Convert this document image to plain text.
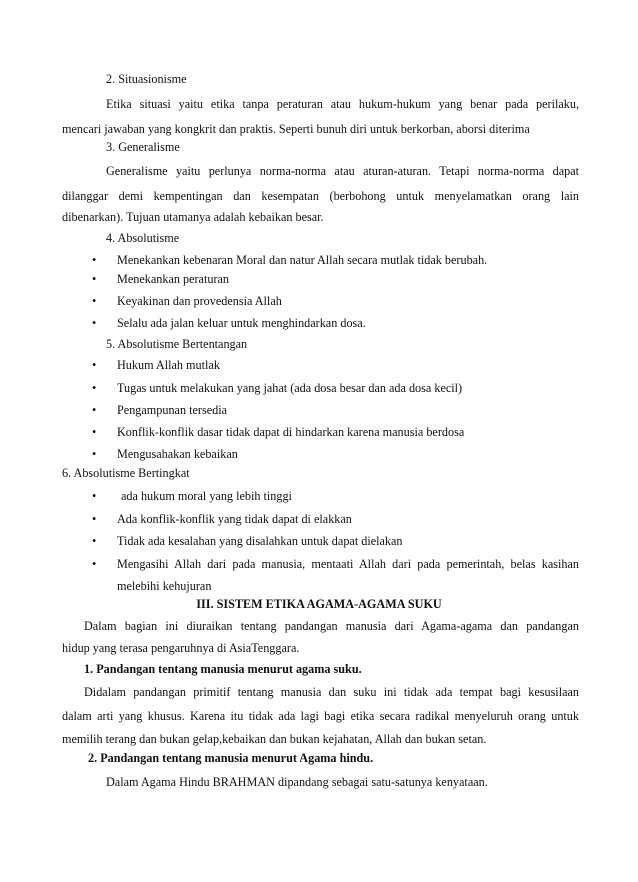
2. Situasionisme
Etika situasi yaitu etika tanpa peraturan atau hukum-hukum yang benar pada perilaku,
mencari jawaban yang kongkrit dan praktis. Seperti bunuh diri untuk berkorban, aborsi diterima
3. Generalisme
Generalisme yaitu perlunya norma-norma atau aturan-aturan. Tetapi norma-norma dapat
dilanggar demi kempentingan dan kesempatan (berbohong untuk menyelamatkan orang lain
dibenarkan). Tujuan utamanya adalah kebaikan besar.
4. Absolutisme
• Menekankan kebenaran Moral dan natur Allah secara mutlak tidak berubah.
• Menekankan peraturan
• Keyakinan dan provedensia Allah
• Selalu ada jalan keluar untuk menghindarkan dosa.
5. Absolutisme Bertentangan
• Hukum Allah mutlak
• Tugas untuk melakukan yang jahat (ada dosa besar dan ada dosa kecil)
• Pengampunan tersedia
• Konflik-konflik dasar tidak dapat di hindarkan karena manusia berdosa
• Mengusahakan kebaikan
6. Absolutisme Bertingkat
• ada hukum moral yang lebih tinggi
• Ada konflik-konflik yang tidak dapat di elakkan
• Tidak ada kesalahan yang disalahkan untuk dapat dielakan
• Mengasihi Allah dari pada manusia, mentaati Allah dari pada pemerintah, belas kasihan
melebihi kehujuran
III. SISTEM ETIKA AGAMA-AGAMA SUKU
Dalam bagian ini diuraikan tentang pandangan manusia dari Agama-agama dan pandangan
hidup yang terasa pengaruhnya di AsiaTenggara.
1. Pandangan tentang manusia menurut agama suku.
Didalam pandangan primitif tentang manusia dan suku ini tidak ada tempat bagi kesusilaan
dalam arti yang khusus. Karena itu tidak ada lagi bagi etika secara radikal menyeluruh orang untuk
memilih terang dan bukan gelap,kebaikan dan bukan kejahatan, Allah dan bukan setan.
2. Pandangan tentang manusia menurut Agama hindu.
Dalam Agama Hindu BRAHMAN dipandang sebagai satu-satunya kenyataan.
